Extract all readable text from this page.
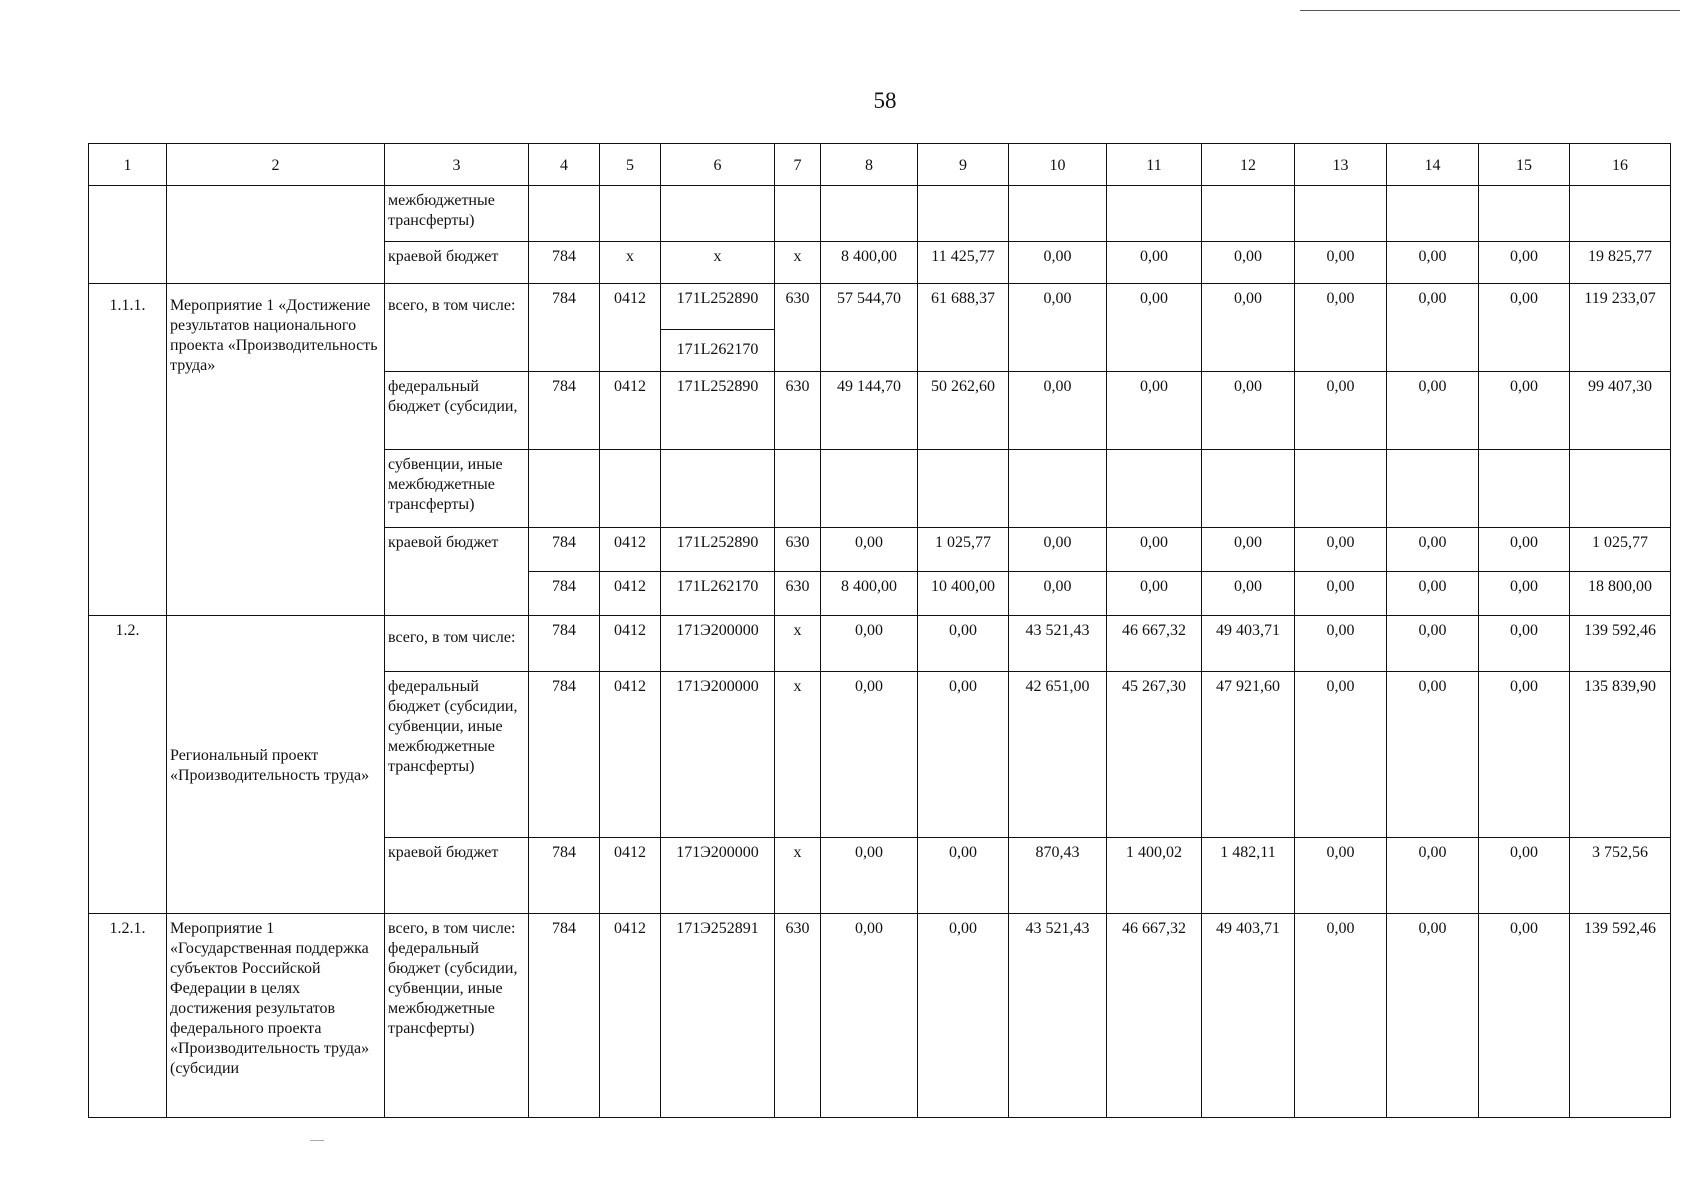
58
1	2	3	4	5	6	7	8	9	10	11	12	13	14	15	16
		межбюджетные трансферты)													
		краевой бюджет	784	х	х	х	8 400,00	11 425,77	0,00	0,00	0,00	0,00	0,00	0,00	19 825,77
1.1.1.	Мероприятие 1 «Достижение результатов национального проекта «Производительность труда»	всего, в том числе:	784	0412	171L252890	630	57 544,70	61 688,37	0,00	0,00	0,00	0,00	0,00	0,00	119 233,07
					171L262170										
		федеральный бюджет (субсидии,	784	0412	171L252890	630	49 144,70	50 262,60	0,00	0,00	0,00	0,00	0,00	0,00	99 407,30
		субвенции, иные межбюджетные трансферты)													
		краевой бюджет	784	0412	171L252890	630	0,00	1 025,77	0,00	0,00	0,00	0,00	0,00	0,00	1 025,77
			784	0412	171L262170	630	8 400,00	10 400,00	0,00	0,00	0,00	0,00	0,00	0,00	18 800,00

1.2.	Региональный проект «Производительность труда»	всего, в том числе:	784	0412	171Э200000	х	0,00	0,00	43 521,43	46 667,32	49 403,71	0,00	0,00	0,00	139 592,46
		федеральный бюджет (субсидии, субвенции, иные межбюджетные трансферты)	784	0412	171Э200000	х	0,00	0,00	42 651,00	45 267,30	47 921,60	0,00	0,00	0,00	135 839,90
		краевой бюджет	784	0412	171Э200000	х	0,00	0,00	870,43	1 400,02	1 482,11	0,00	0,00	0,00	3 752,56
1.2.1.	Мероприятие 1 «Государственная поддержка субъектов Российской Федерации в целях достижения результатов федерального проекта «Производительность труда» (субсидии	всего, в том числе: федеральный бюджет (субсидии, субвенции, иные межбюджетные трансферты)	784	0412	171Э252891	630	0,00	0,00	43 521,43	46 667,32	49 403,71	0,00	0,00	0,00	139 592,46
